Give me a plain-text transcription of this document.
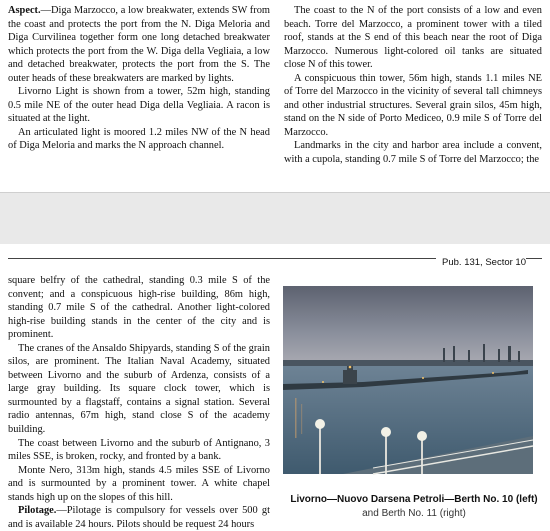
Aspect.—Diga Marzocco, a low breakwater, extends SW from the coast and protects the port from the N. Diga Meloria and Diga Curvilinea together form one long detached breakwater which protects the port from the W. Diga della Vegliaia, a low and detached breakwater, protects the port from the S. The outer heads of these breakwaters are marked by lights.

Livorno Light is shown from a tower, 52m high, standing 0.5 mile NE of the outer head Diga della Vegliaia. A racon is situated at the light.

An articulated light is moored 1.2 miles NW of the N head of Diga Meloria and marks the N approach channel.

The coast to the N of the port consists of a low and even beach. Torre del Marzocco, a prominent tower with a tiled roof, stands at the S end of this beach near the root of Diga Marzocco. Numerous light-colored oil tanks are situated close N of this tower.

A conspicuous thin tower, 56m high, stands 1.1 miles NE of Torre del Marzocco in the vicinity of several tall chimneys and other industrial structures. Several grain silos, 45m high, stand on the N side of Porto Mediceo, 0.9 mile S of Torre del Marzocco.

Landmarks in the city and harbor area include a convent, with a cupola, standing 0.7 mile S of Torre del Marzocco; the

Pub. 131, Sector 10

square belfry of the cathedral, standing 0.3 mile S of the convent; and a conspicuous high-rise building, 86m high, standing 0.7 mile S of the cathedral. Another light-colored high-rise building stands in the center of the city and is prominent.

The cranes of the Ansaldo Shipyards, standing S of the grain silos, are prominent. The Italian Naval Academy, situated between Livorno and the suburb of Ardenza, consists of a large gray building. Its square clock tower, which is surmounted by a flagstaff, contains a signal station. Several radio antennas, 67m high, stand close S of the academy building.

The coast between Livorno and the suburb of Antignano, 3 miles SSE, is broken, rocky, and fronted by a bank.

Monte Nero, 313m high, stands 4.5 miles SSE of Livorno and is surmounted by a prominent tower. A white chapel stands high up on the slopes of this hill.

Pilotage.—Pilotage is compulsory for vessels over 500 gt and is available 24 hours. Pilots should be request 24 hours

Livorno—Nuovo Darsena Petroli—Berth No. 10 (left)
and Berth No. 11 (right)
